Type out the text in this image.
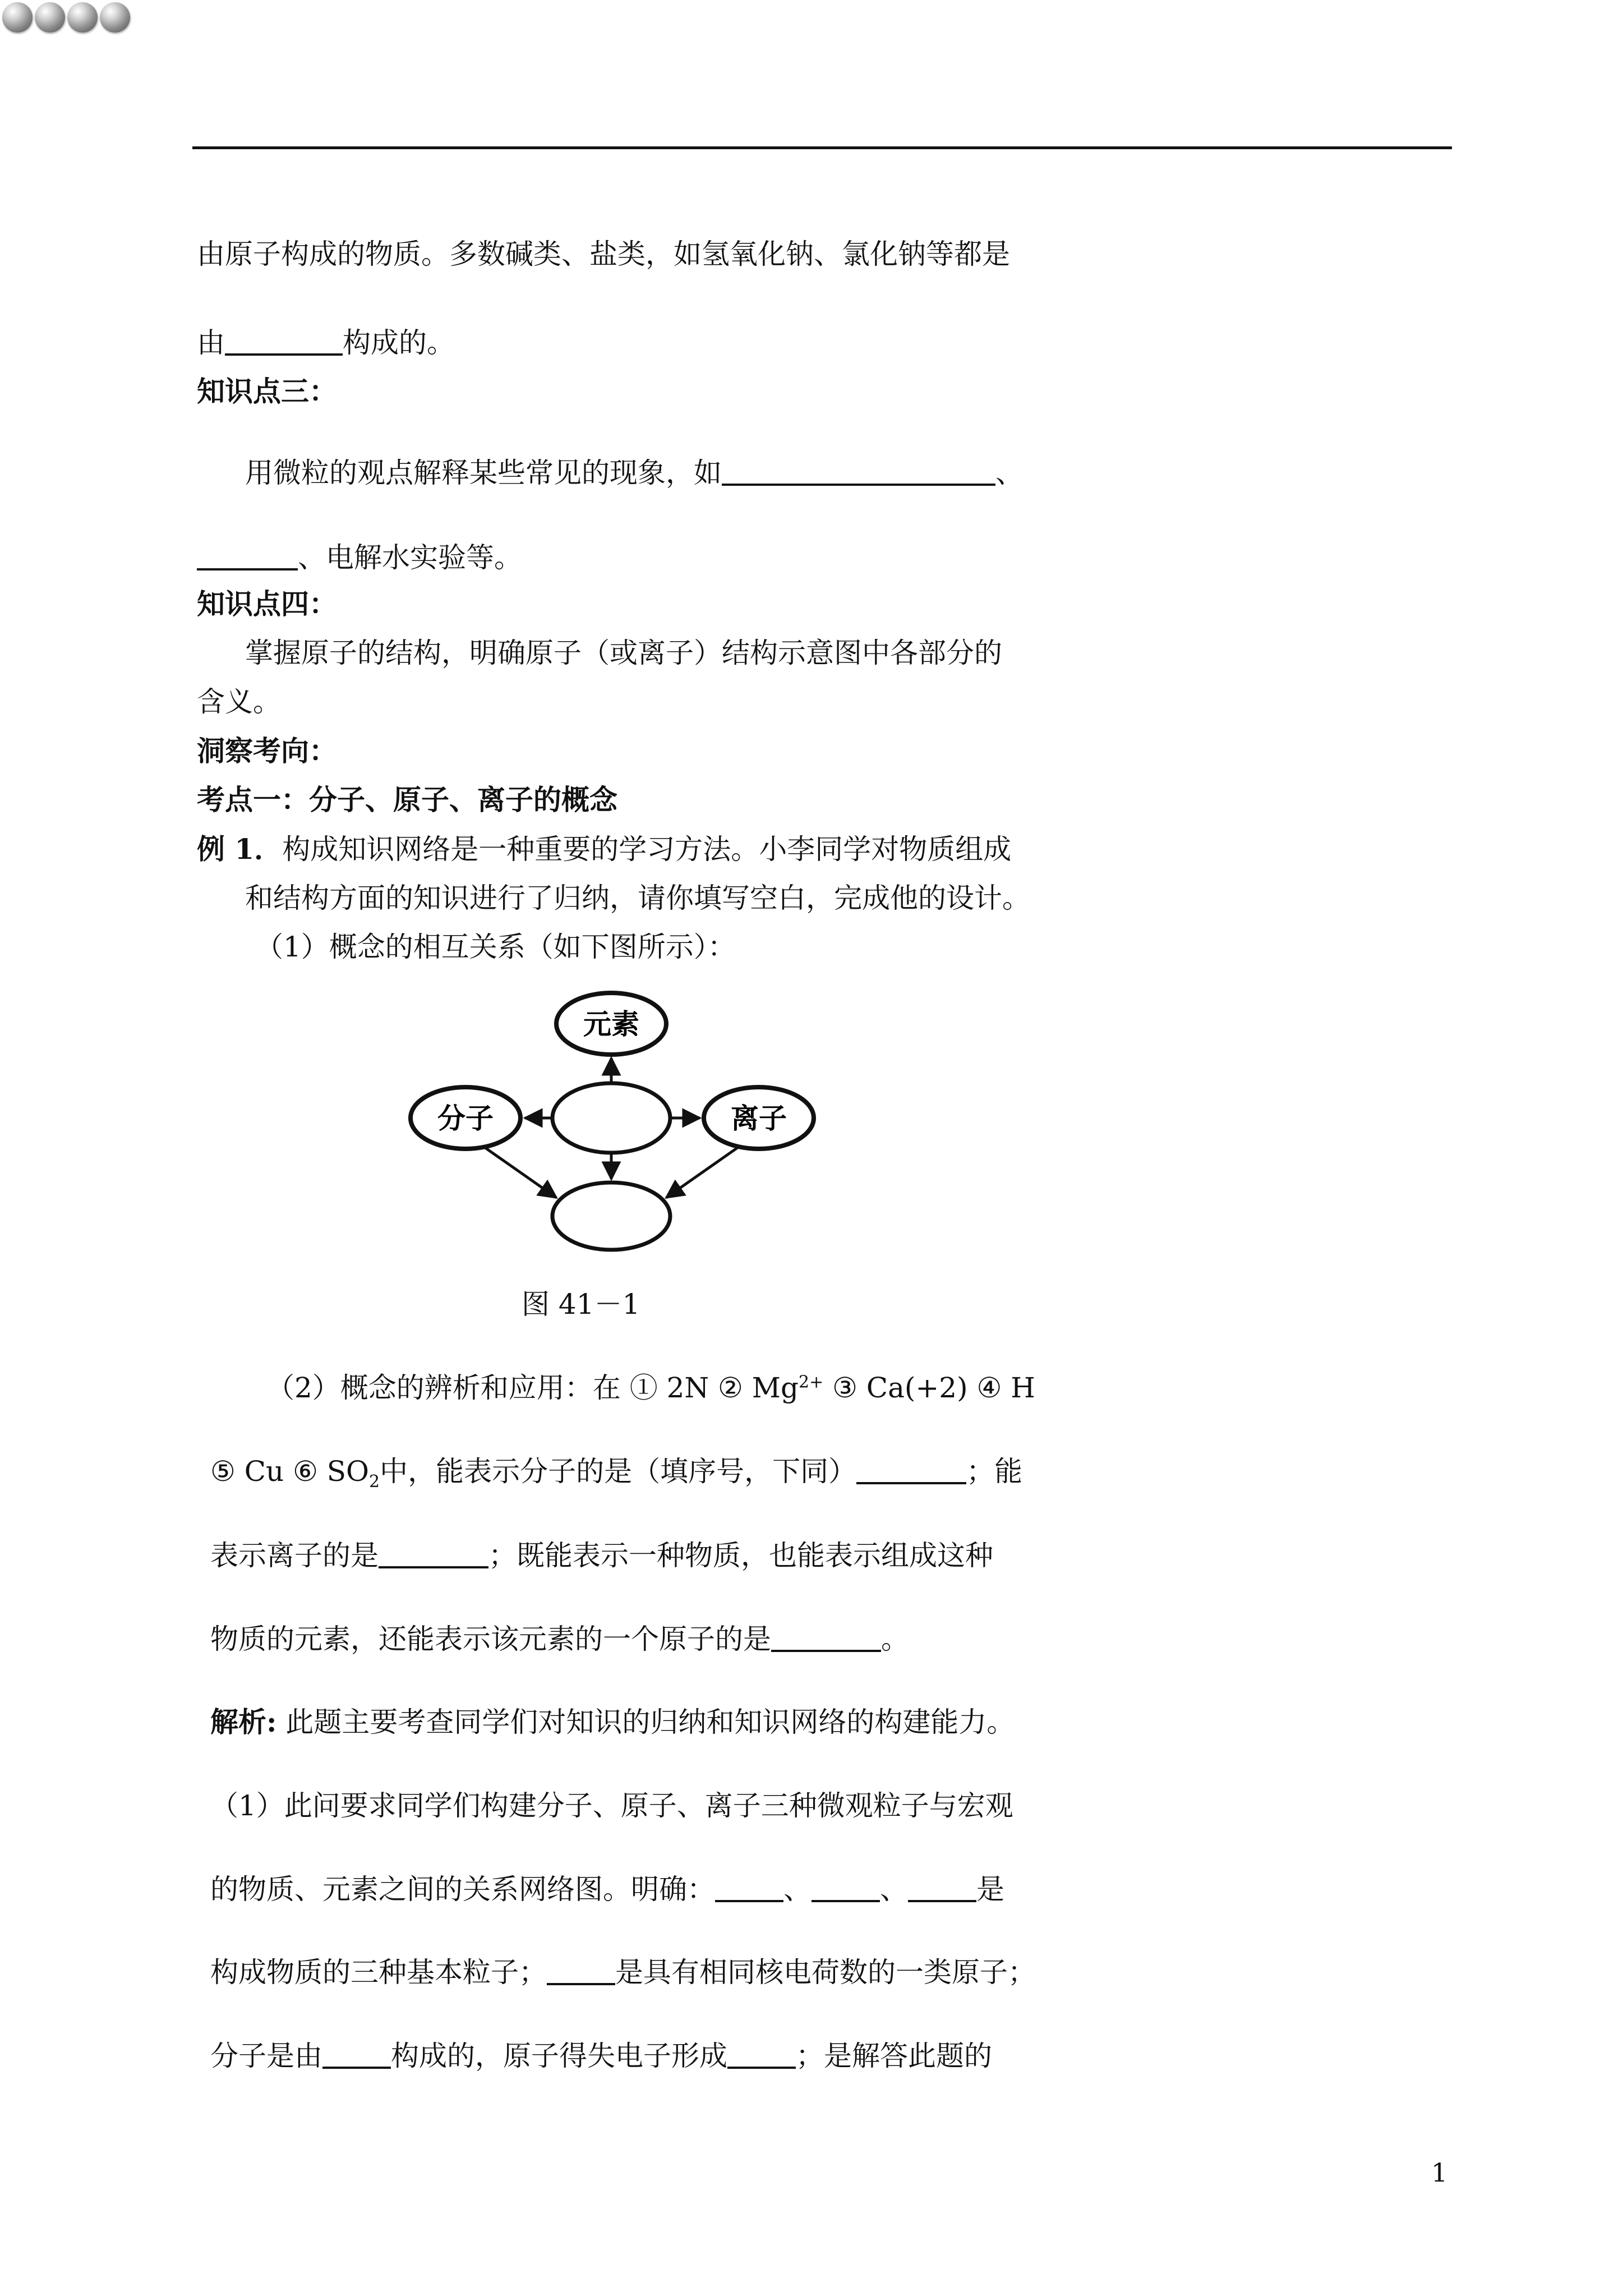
由原子构成的物质。多数碱类、盐类，如氢氧化钠、氯化钠等都是
由	构成的。
知识点三：
用微粒的观点解释某些常见的现象，如	、
、电解水实验等。
知识点四：
掌握原子的结构，明确原子（或离子）结构示意图中各部分的
含义。
洞察考向：
考点一：分子、原子、离子的概念
例 1．构成知识网络是一种重要的学习方法。小李同学对物质组成
和结构方面的知识进行了归纳，请你填写空白，完成他的设计。
（1）概念的相互关系（如下图所示）：
元素
分子	离子
图 41－1
（2）概念的辨析和应用：在 ① 2N ② $Mg^{2+}$ ③ Ca(+2) ④ H
⑤ Cu ⑥ $SO_2$中，能表示分子的是（填序号，下同）	；能
表示离子的是	；既能表示一种物质，也能表示组成这种
物质的元素，还能表示该元素的一个原子的是	。
解析: 此题主要考查同学们对知识的归纳和知识网络的构建能力。
（1）此问要求同学们构建分子、原子、离子三种微观粒子与宏观
的物质、元素之间的关系网络图。明确： 、 、 是
构成物质的三种基本粒子； 是具有相同核电荷数的一类原子；
分子是由 构成的，原子得失电子形成 ；是解答此题的
1
